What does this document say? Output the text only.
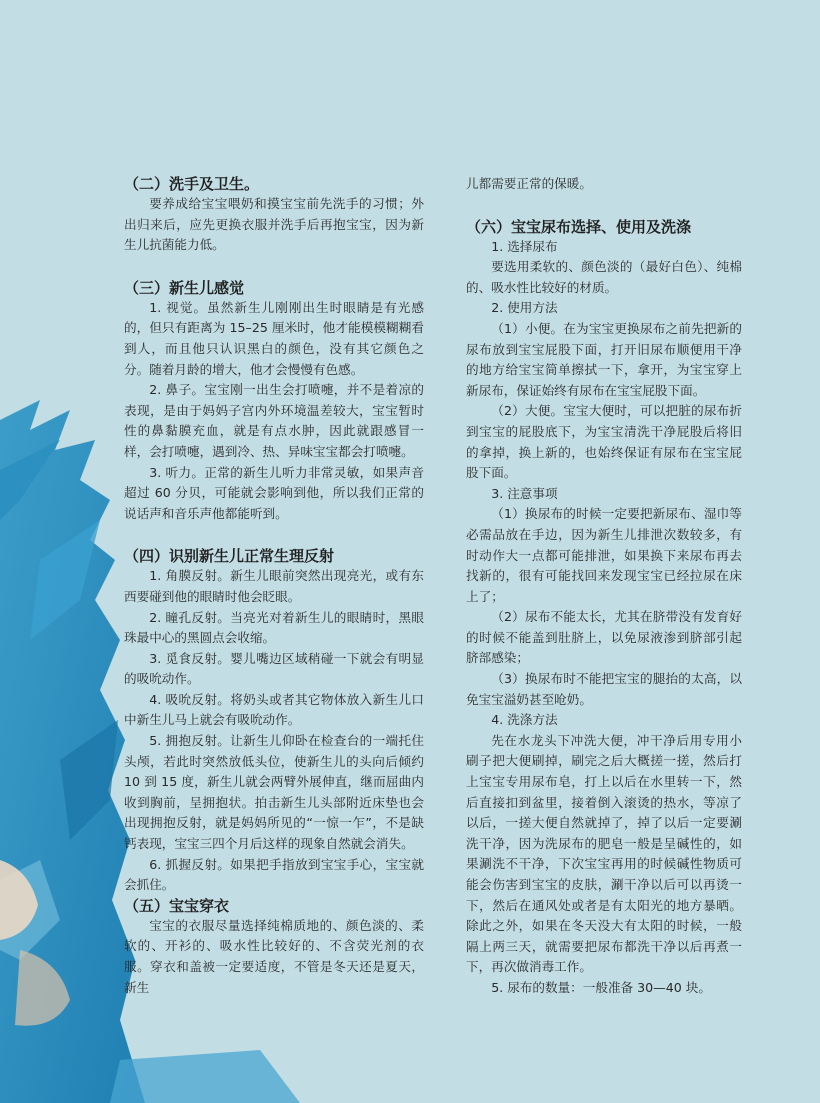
（二）洗手及卫生。

要养成给宝宝喂奶和摸宝宝前先洗手的习惯；外出归来后，应先更换衣服并洗手后再抱宝宝，因为新生儿抗菌能力低。

（三）新生儿感觉

1. 视觉。虽然新生儿刚刚出生时眼睛是有光感的，但只有距离为 15–25 厘米时，他才能模模糊糊看到人，而且他只认识黑白的颜色，没有其它颜色之分。随着月龄的增大，他才会慢慢有色感。

2. 鼻子。宝宝刚一出生会打喷嚏，并不是着凉的表现，是由于妈妈子宫内外环境温差较大，宝宝暂时性的鼻黏膜充血，就是有点水肿，因此就跟感冒一样，会打喷嚏，遇到冷、热、异味宝宝都会打喷嚏。

3. 听力。正常的新生儿听力非常灵敏，如果声音超过 60 分贝，可能就会影响到他，所以我们正常的说话声和音乐声他都能听到。

（四）识别新生儿正常生理反射

1. 角膜反射。新生儿眼前突然出现亮光，或有东西要碰到他的眼睛时他会眨眼。

2. 瞳孔反射。当亮光对着新生儿的眼睛时，黑眼珠最中心的黑圆点会收缩。

3. 觅食反射。婴儿嘴边区域稍碰一下就会有明显的吸吮动作。

4. 吸吮反射。将奶头或者其它物体放入新生儿口中新生儿马上就会有吸吮动作。

5. 拥抱反射。让新生儿仰卧在检查台的一端托住头颅，若此时突然放低头位，使新生儿的头向后倾约 10 到 15 度，新生儿就会两臂外展伸直，继而屈曲内收到胸前，呈拥抱状。拍击新生儿头部附近床垫也会出现拥抱反射，就是妈妈所见的“一惊一乍”，不是缺钙表现，宝宝三四个月后这样的现象自然就会消失。

6. 抓握反射。如果把手指放到宝宝手心，宝宝就会抓住。

（五）宝宝穿衣

宝宝的衣服尽量选择纯棉质地的、颜色淡的、柔软的、开衫的、吸水性比较好的、不含荧光剂的衣服。穿衣和盖被一定要适度，不管是冬天还是夏天，新生

儿都需要正常的保暖。

（六）宝宝尿布选择、使用及洗涤

1. 选择尿布

要选用柔软的、颜色淡的（最好白色）、纯棉的、吸水性比较好的材质。

2. 使用方法

（1）小便。在为宝宝更换尿布之前先把新的尿布放到宝宝屁股下面，打开旧尿布顺便用干净的地方给宝宝简单擦拭一下，拿开，为宝宝穿上新尿布，保证始终有尿布在宝宝屁股下面。

（2）大便。宝宝大便时，可以把脏的尿布折到宝宝的屁股底下，为宝宝清洗干净屁股后将旧的拿掉，换上新的，也始终保证有尿布在宝宝屁股下面。

3. 注意事项

（1）换尿布的时候一定要把新尿布、湿巾等必需品放在手边，因为新生儿排泄次数较多，有时动作大一点都可能排泄，如果换下来尿布再去找新的，很有可能找回来发现宝宝已经拉尿在床上了；

（2）尿布不能太长，尤其在脐带没有发育好的时候不能盖到肚脐上，以免尿液渗到脐部引起脐部感染；

（3）换尿布时不能把宝宝的腿抬的太高，以免宝宝溢奶甚至呛奶。

4. 洗涤方法

先在水龙头下冲洗大便，冲干净后用专用小刷子把大便刷掉，刷完之后大概搓一搓，然后打上宝宝专用尿布皂，打上以后在水里转一下，然后直接扣到盆里，接着倒入滚烫的热水，等凉了以后，一搓大便自然就掉了，掉了以后一定要涮洗干净，因为洗尿布的肥皂一般是呈碱性的，如果涮洗不干净，下次宝宝再用的时候碱性物质可能会伤害到宝宝的皮肤，涮干净以后可以再烫一下，然后在通风处或者是有太阳光的地方暴晒。除此之外，如果在冬天没大有太阳的时候，一般隔上两三天，就需要把尿布都洗干净以后再煮一下，再次做消毒工作。

5. 尿布的数量：一般准备 30—40 块。
